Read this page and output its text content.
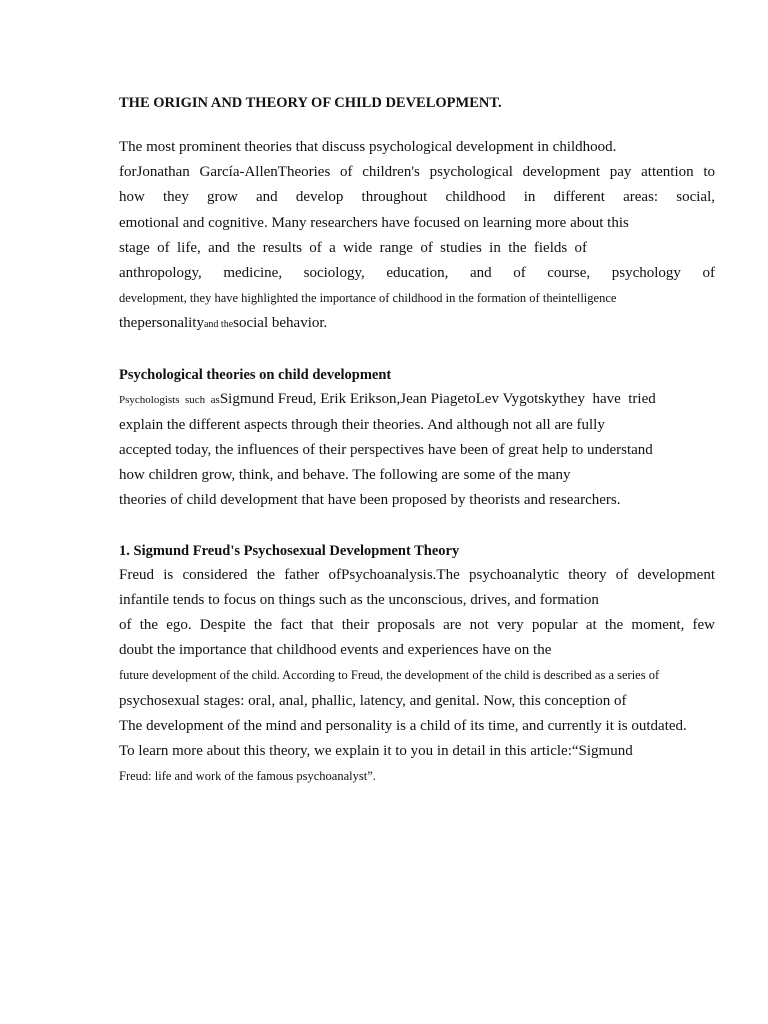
THE ORIGIN AND THEORY OF CHILD DEVELOPMENT.

The most prominent theories that discuss psychological development in childhood.
forJonathan García-AllenTheories of children's psychological development pay attention to
how they grow and develop throughout childhood in different areas: social,
emotional and cognitive. Many researchers have focused on learning more about this
stage of life, and the results of a wide range of studies in the fields of
anthropology, medicine, sociology, education, and of course, psychology of
development, they have highlighted the importance of childhood in the formation of theintelligence
thepersonalityand thesocial behavior.

Psychological theories on child development

Psychologists  such  asSigmund Freud, Erik Erikson,Jean PiagetoLev Vygotskythey  have  tried
explain the different aspects through their theories. And although not all are fully
accepted today, the influences of their perspectives have been of great help to understand
how children grow, think, and behave. The following are some of the many
theories of child development that have been proposed by theorists and researchers.

1. Sigmund Freud's Psychosexual Development Theory

Freud is considered the father ofPsychoanalysis.The psychoanalytic theory of development
infantile tends to focus on things such as the unconscious, drives, and formation
of the ego. Despite the fact that their proposals are not very popular at the moment, few
doubt the importance that childhood events and experiences have on the
future development of the child. According to Freud, the development of the child is described as a series of
psychosexual stages: oral, anal, phallic, latency, and genital. Now, this conception of
The development of the mind and personality is a child of its time, and currently it is outdated.
To learn more about this theory, we explain it to you in detail in this article:“Sigmund
Freud: life and work of the famous psychoanalyst”.
